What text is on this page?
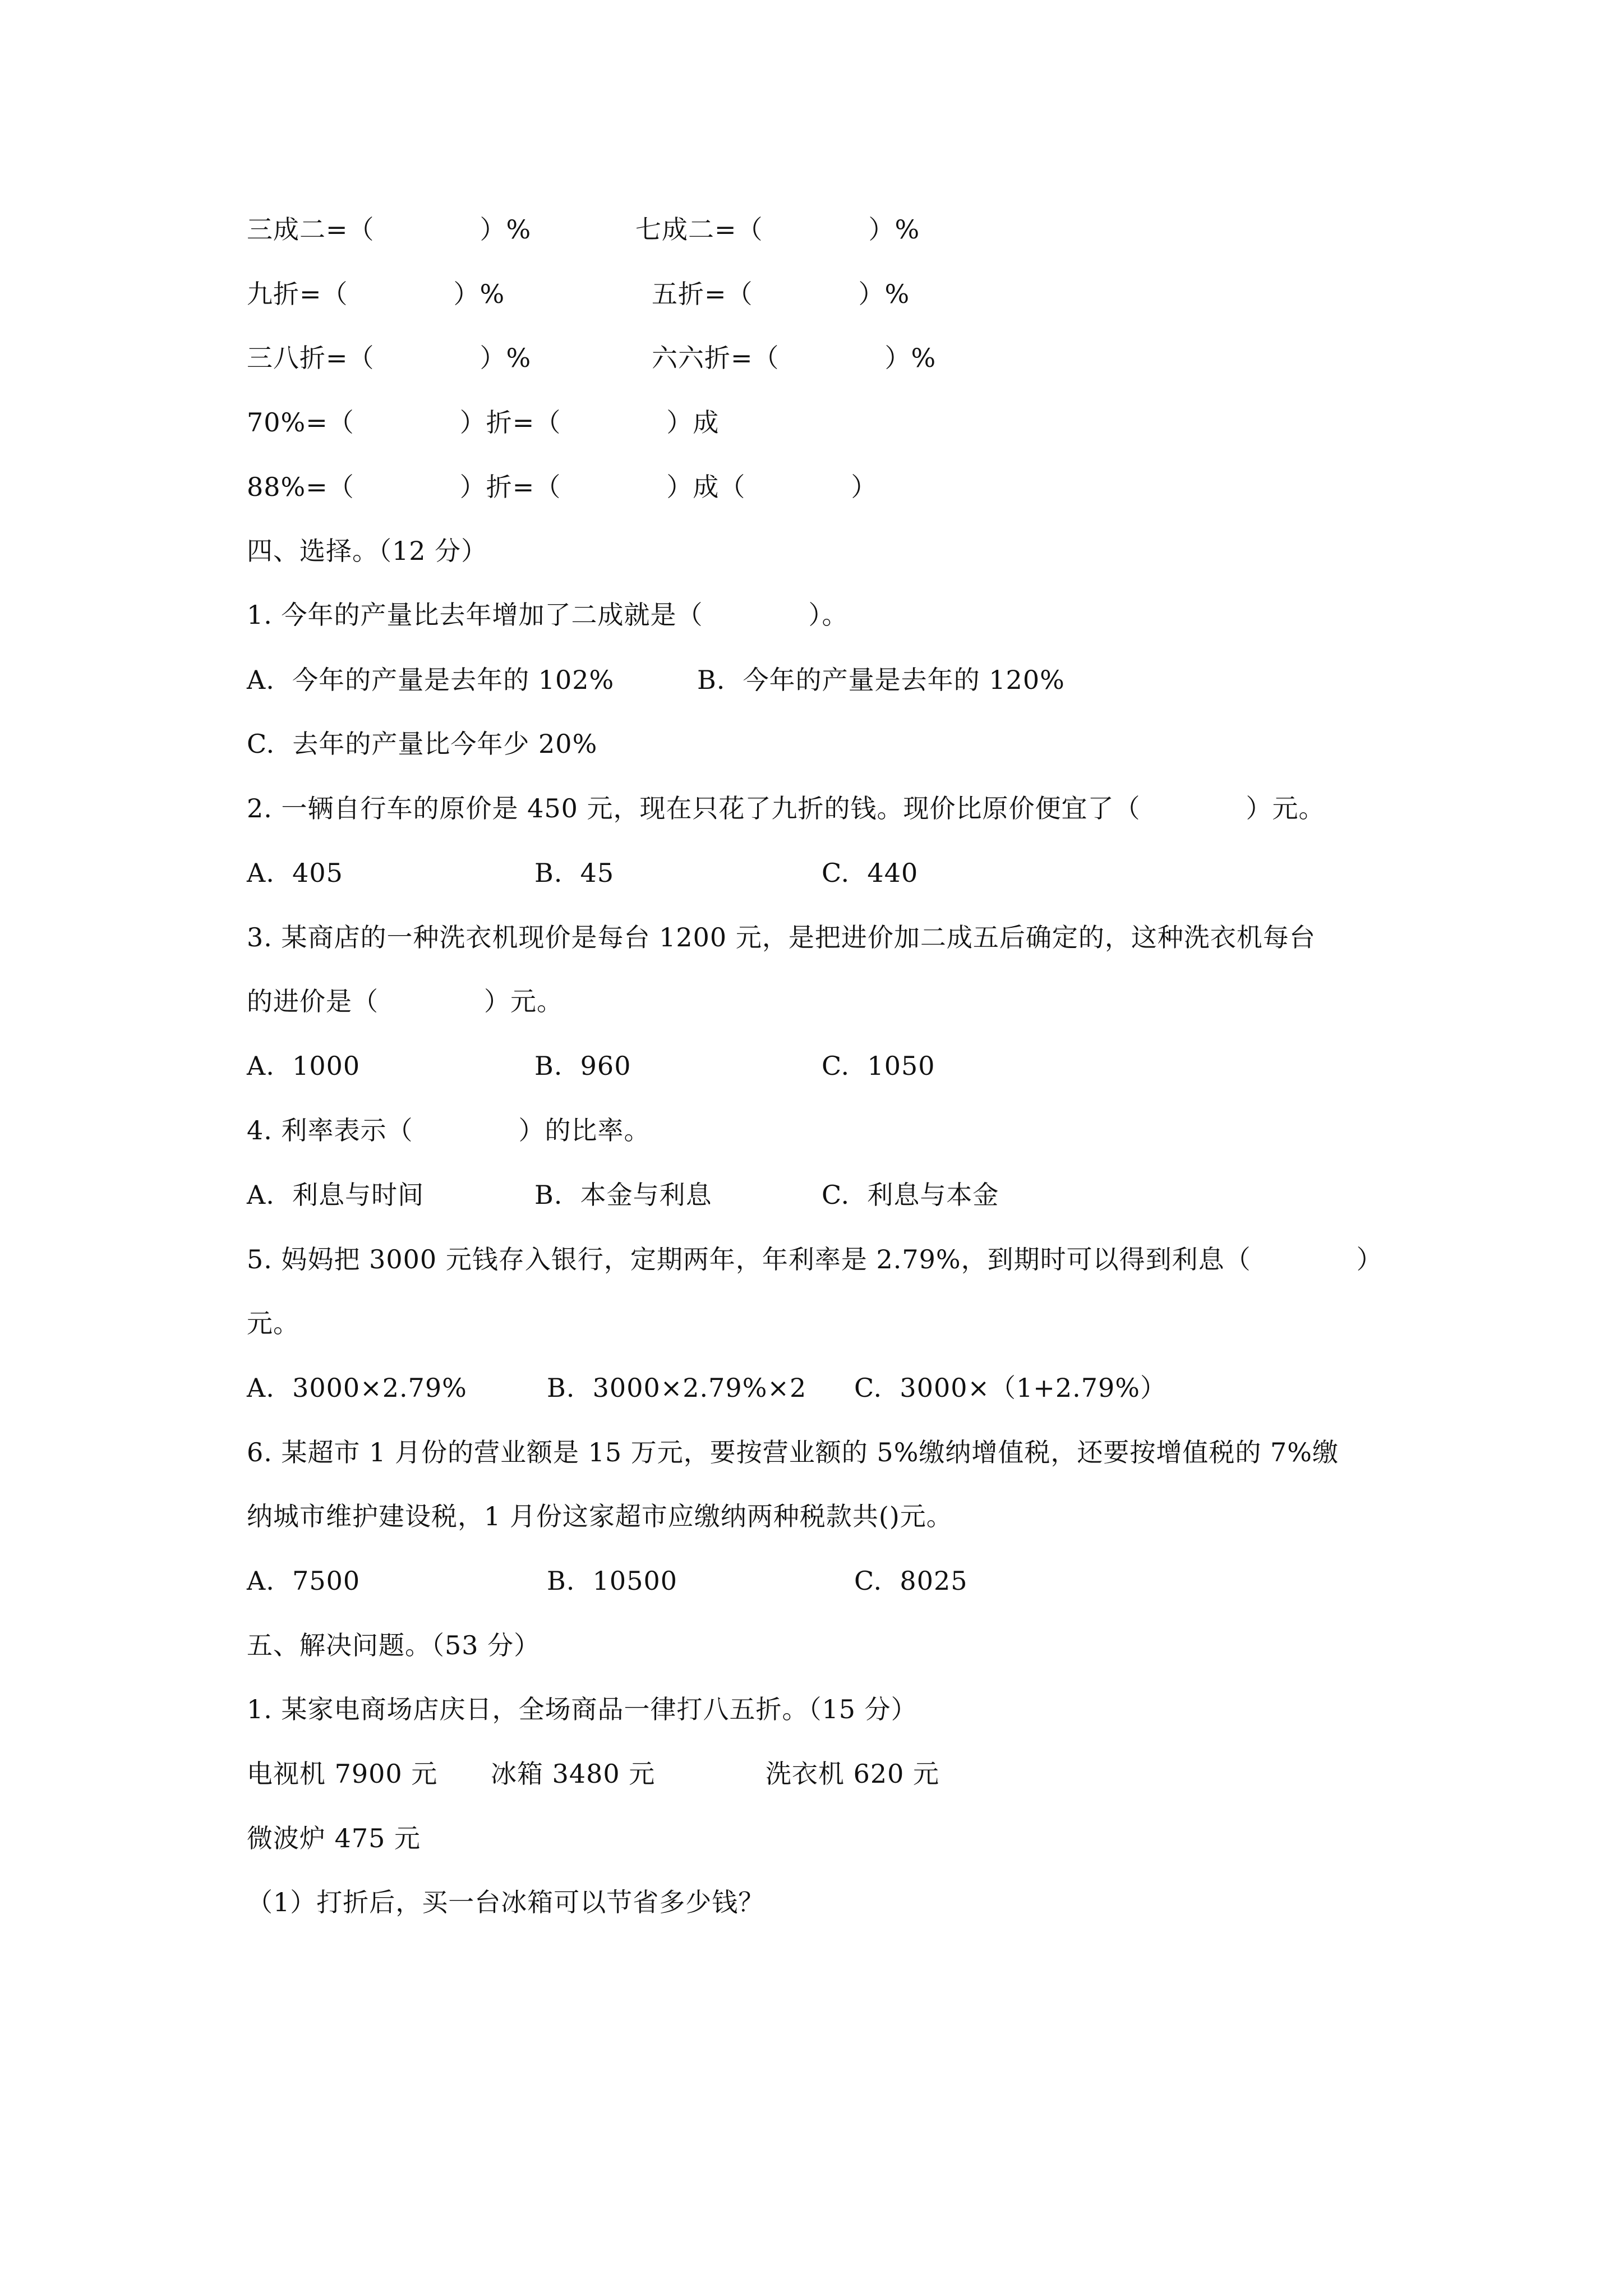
三成二=（　　　　）%

	七成二=（　　　　）%

九折=（　　　　）%

	五折=（　　　　）%

三八折=（　　　　）%

	六六折=（　　　　）%

70%=（　　　　）折=（　　　　）成

88%=（　　　　）折=（　　　　）成（　　　　）

四、选择。（12 分）
1. 今年的产量比去年增加了二成就是（　　　　）。

A.  今年的产量是去年的 102%

	B.  今年的产量是去年的 120%

C.  去年的产量比今年少 20%

2. 一辆自行车的原价是 450 元，现在只花了九折的钱。现价比原价便宜了（　　　　）元。

A.  405

	B.  45

	C.  440

3. 某商店的一种洗衣机现价是每台 1200 元，是把进价加二成五后确定的，这种洗衣机每台
的进价是（　　　　）元。

A.  1000

	B.  960

	C.  1050

4. 利率表示（　　　　）的比率。

A.  利息与时间

	B.  本金与利息

	C.  利息与本金

5. 妈妈把 3000 元钱存入银行，定期两年，年利率是 2.79%，到期时可以得到利息（　　　　）
元。

A.  3000×2.79%

	B.  3000×2.79%×2

C.  3000×（1+2.79%）

6. 某超市 1 月份的营业额是 15 万元，要按营业额的 5%缴纳增值税，还要按增值税的 7%缴
纳城市维护建设税，1 月份这家超市应缴纳两种税款共()元。

A.  7500

	B.  10500

	C.  8025

五、解决问题。（53 分）
1. 某家电商场店庆日，全场商品一律打八五折。（15 分）

电视机 7900 元

冰箱 3480 元

	洗衣机 620 元

微波炉 475 元

（1）打折后，买一台冰箱可以节省多少钱？
